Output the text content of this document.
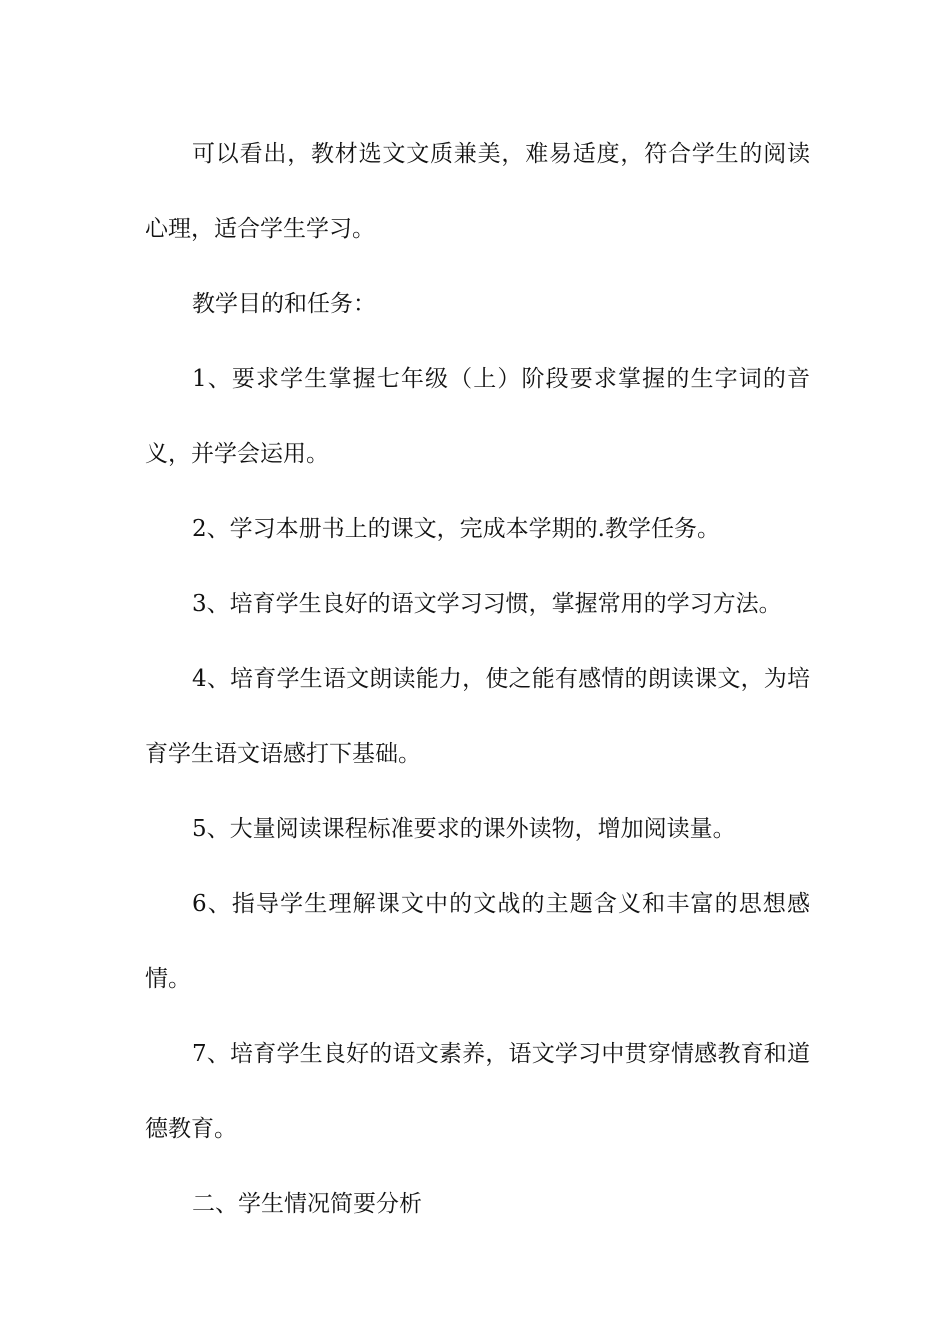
可以看出，教材选文文质兼美，难易适度，符合学生的阅读心理，适合学生学习。

教学目的和任务：

1、要求学生掌握七年级（上）阶段要求掌握的生字词的音义，并学会运用。

2、学习本册书上的课文，完成本学期的.教学任务。

3、培育学生良好的语文学习习惯，掌握常用的学习方法。

4、培育学生语文朗读能力，使之能有感情的朗读课文，为培育学生语文语感打下基础。

5、大量阅读课程标准要求的课外读物，增加阅读量。

6、指导学生理解课文中的文战的主题含义和丰富的思想感情。

7、培育学生良好的语文素养，语文学习中贯穿情感教育和道德教育。

二、学生情况简要分析
